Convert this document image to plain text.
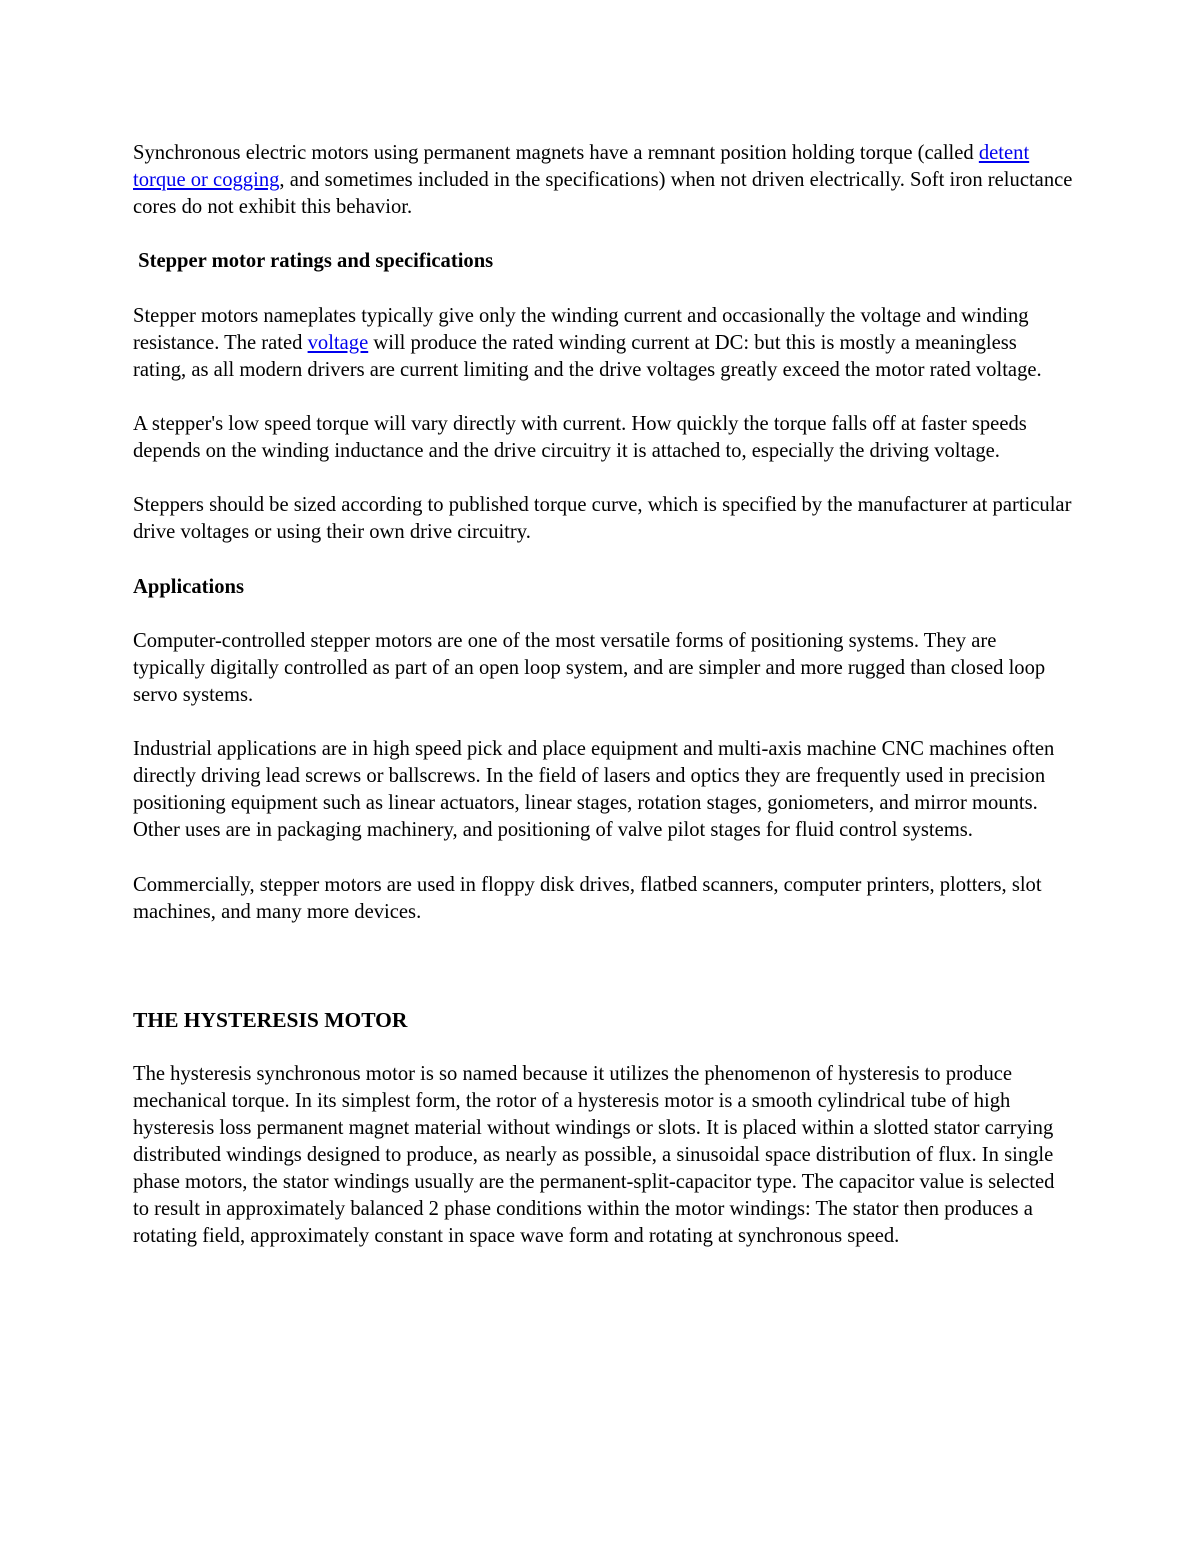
Synchronous electric motors using permanent magnets have a remnant position holding torque (called detent torque or cogging, and sometimes included in the specifications) when not driven electrically. Soft iron reluctance cores do not exhibit this behavior.

Stepper motor ratings and specifications

Stepper motors nameplates typically give only the winding current and occasionally the voltage and winding resistance. The rated voltage will produce the rated winding current at DC: but this is mostly a meaningless rating, as all modern drivers are current limiting and the drive voltages greatly exceed the motor rated voltage.

A stepper's low speed torque will vary directly with current. How quickly the torque falls off at faster speeds depends on the winding inductance and the drive circuitry it is attached to, especially the driving voltage.

Steppers should be sized according to published torque curve, which is specified by the manufacturer at particular drive voltages or using their own drive circuitry.

Applications

Computer-controlled stepper motors are one of the most versatile forms of positioning systems. They are typically digitally controlled as part of an open loop system, and are simpler and more rugged than closed loop servo systems.

Industrial applications are in high speed pick and place equipment and multi-axis machine CNC machines often directly driving lead screws or ballscrews. In the field of lasers and optics they are frequently used in precision positioning equipment such as linear actuators, linear stages, rotation stages, goniometers, and mirror mounts. Other uses are in packaging machinery, and positioning of valve pilot stages for fluid control systems.

Commercially, stepper motors are used in floppy disk drives, flatbed scanners, computer printers, plotters, slot machines, and many more devices.

THE HYSTERESIS MOTOR

The hysteresis synchronous motor is so named because it utilizes the phenomenon of hysteresis to produce mechanical torque. In its simplest form, the rotor of a hysteresis motor is a smooth cylindrical tube of high hysteresis loss permanent magnet material without windings or slots. It is placed within a slotted stator carrying distributed windings designed to produce, as nearly as possible, a sinusoidal space distribution of flux. In single phase motors, the stator windings usually are the permanent-split-capacitor type. The capacitor value is selected to result in approximately balanced 2 phase conditions within the motor windings: The stator then produces a rotating field, approximately constant in space wave form and rotating at synchronous speed.
